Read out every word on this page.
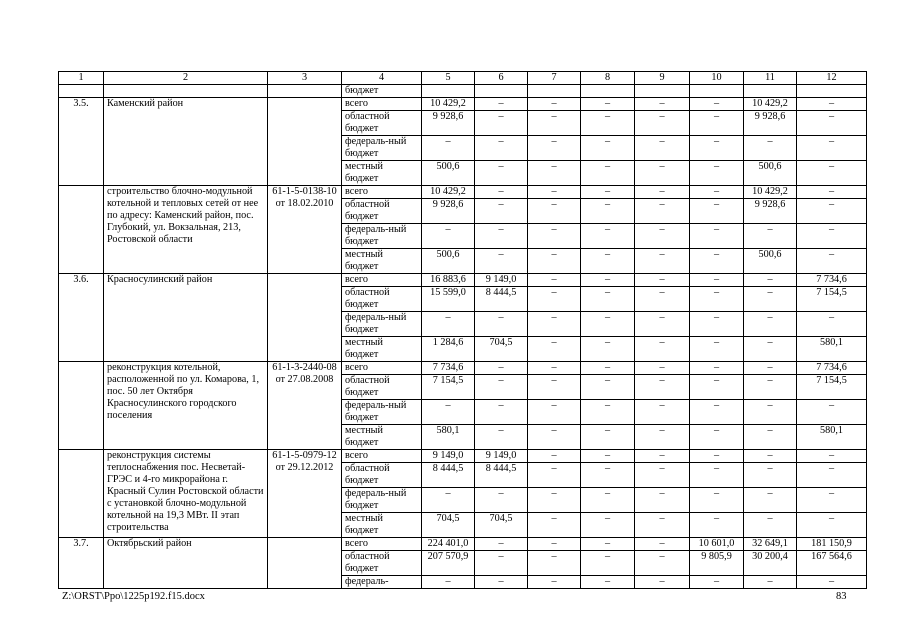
1	2	3	4	5	6	7	8	9	10	11	12
			бюджет								
3.5.	Каменский район		всего	10 429,2	–	–	–	–	–	10 429,2	–
			областной бюджет	9 928,6	–	–	–	–	–	9 928,6	–
			федераль-ный бюджет	–	–	–	–	–	–	–	–
			местный бюджет	500,6	–	–	–	–	–	500,6	–
	строительство блочно-модульной котельной и тепловых сетей от нее по адресу: Каменский район, пос. Глубокий, ул. Вокзальная, 213, Ростовской области	61-1-5-0138-10 от 18.02.2010	всего	10 429,2	–	–	–	–	–	10 429,2	–
			областной бюджет	9 928,6	–	–	–	–	–	9 928,6	–
			федераль-ный бюджет	–	–	–	–	–	–	–	–
			местный бюджет	500,6	–	–	–	–	–	500,6	–
3.6.	Красносулинский район		всего	16 883,6	9 149,0	–	–	–	–	–	7 734,6
			областной бюджет	15 599,0	8 444,5	–	–	–	–	–	7 154,5
			федераль-ный бюджет	–	–	–	–	–	–	–	–
			местный бюджет	1 284,6	704,5	–	–	–	–	–	580,1
	реконструкция котельной, расположенной по ул. Комарова, 1, пос. 50 лет Октября Красносулинского городского поселения	61-1-3-2440-08 от 27.08.2008	всего	7 734,6	–	–	–	–	–	–	7 734,6
			областной бюджет	7 154,5	–	–	–	–	–	–	7 154,5
			федераль-ный бюджет	–	–	–	–	–	–	–	–
			местный бюджет	580,1	–	–	–	–	–	–	580,1
	реконструкция системы теплоснабжения пос. Несветай-ГРЭС и 4-го микрорайона г. Красный Сулин Ростовской области с установкой блочно-модульной котельной на 19,3 МВт. II этап строительства	61-1-5-0979-12 от 29.12.2012	всего	9 149,0	9 149,0	–	–	–	–	–	–
			областной бюджет	8 444,5	8 444,5	–	–	–	–	–	–
			федераль-ный бюджет	–	–	–	–	–	–	–	–
			местный бюджет	704,5	704,5	–	–	–	–	–	–
3.7.	Октябрьский район		всего	224 401,0	–	–	–	–	10 601,0	32 649,1	181 150,9
			областной бюджет	207 570,9	–	–	–	–	9 805,9	30 200,4	167 564,6
			федераль-	–	–	–	–	–	–	–	–
Z:\ORST\Ppo\1225p192.f15.docx	83
